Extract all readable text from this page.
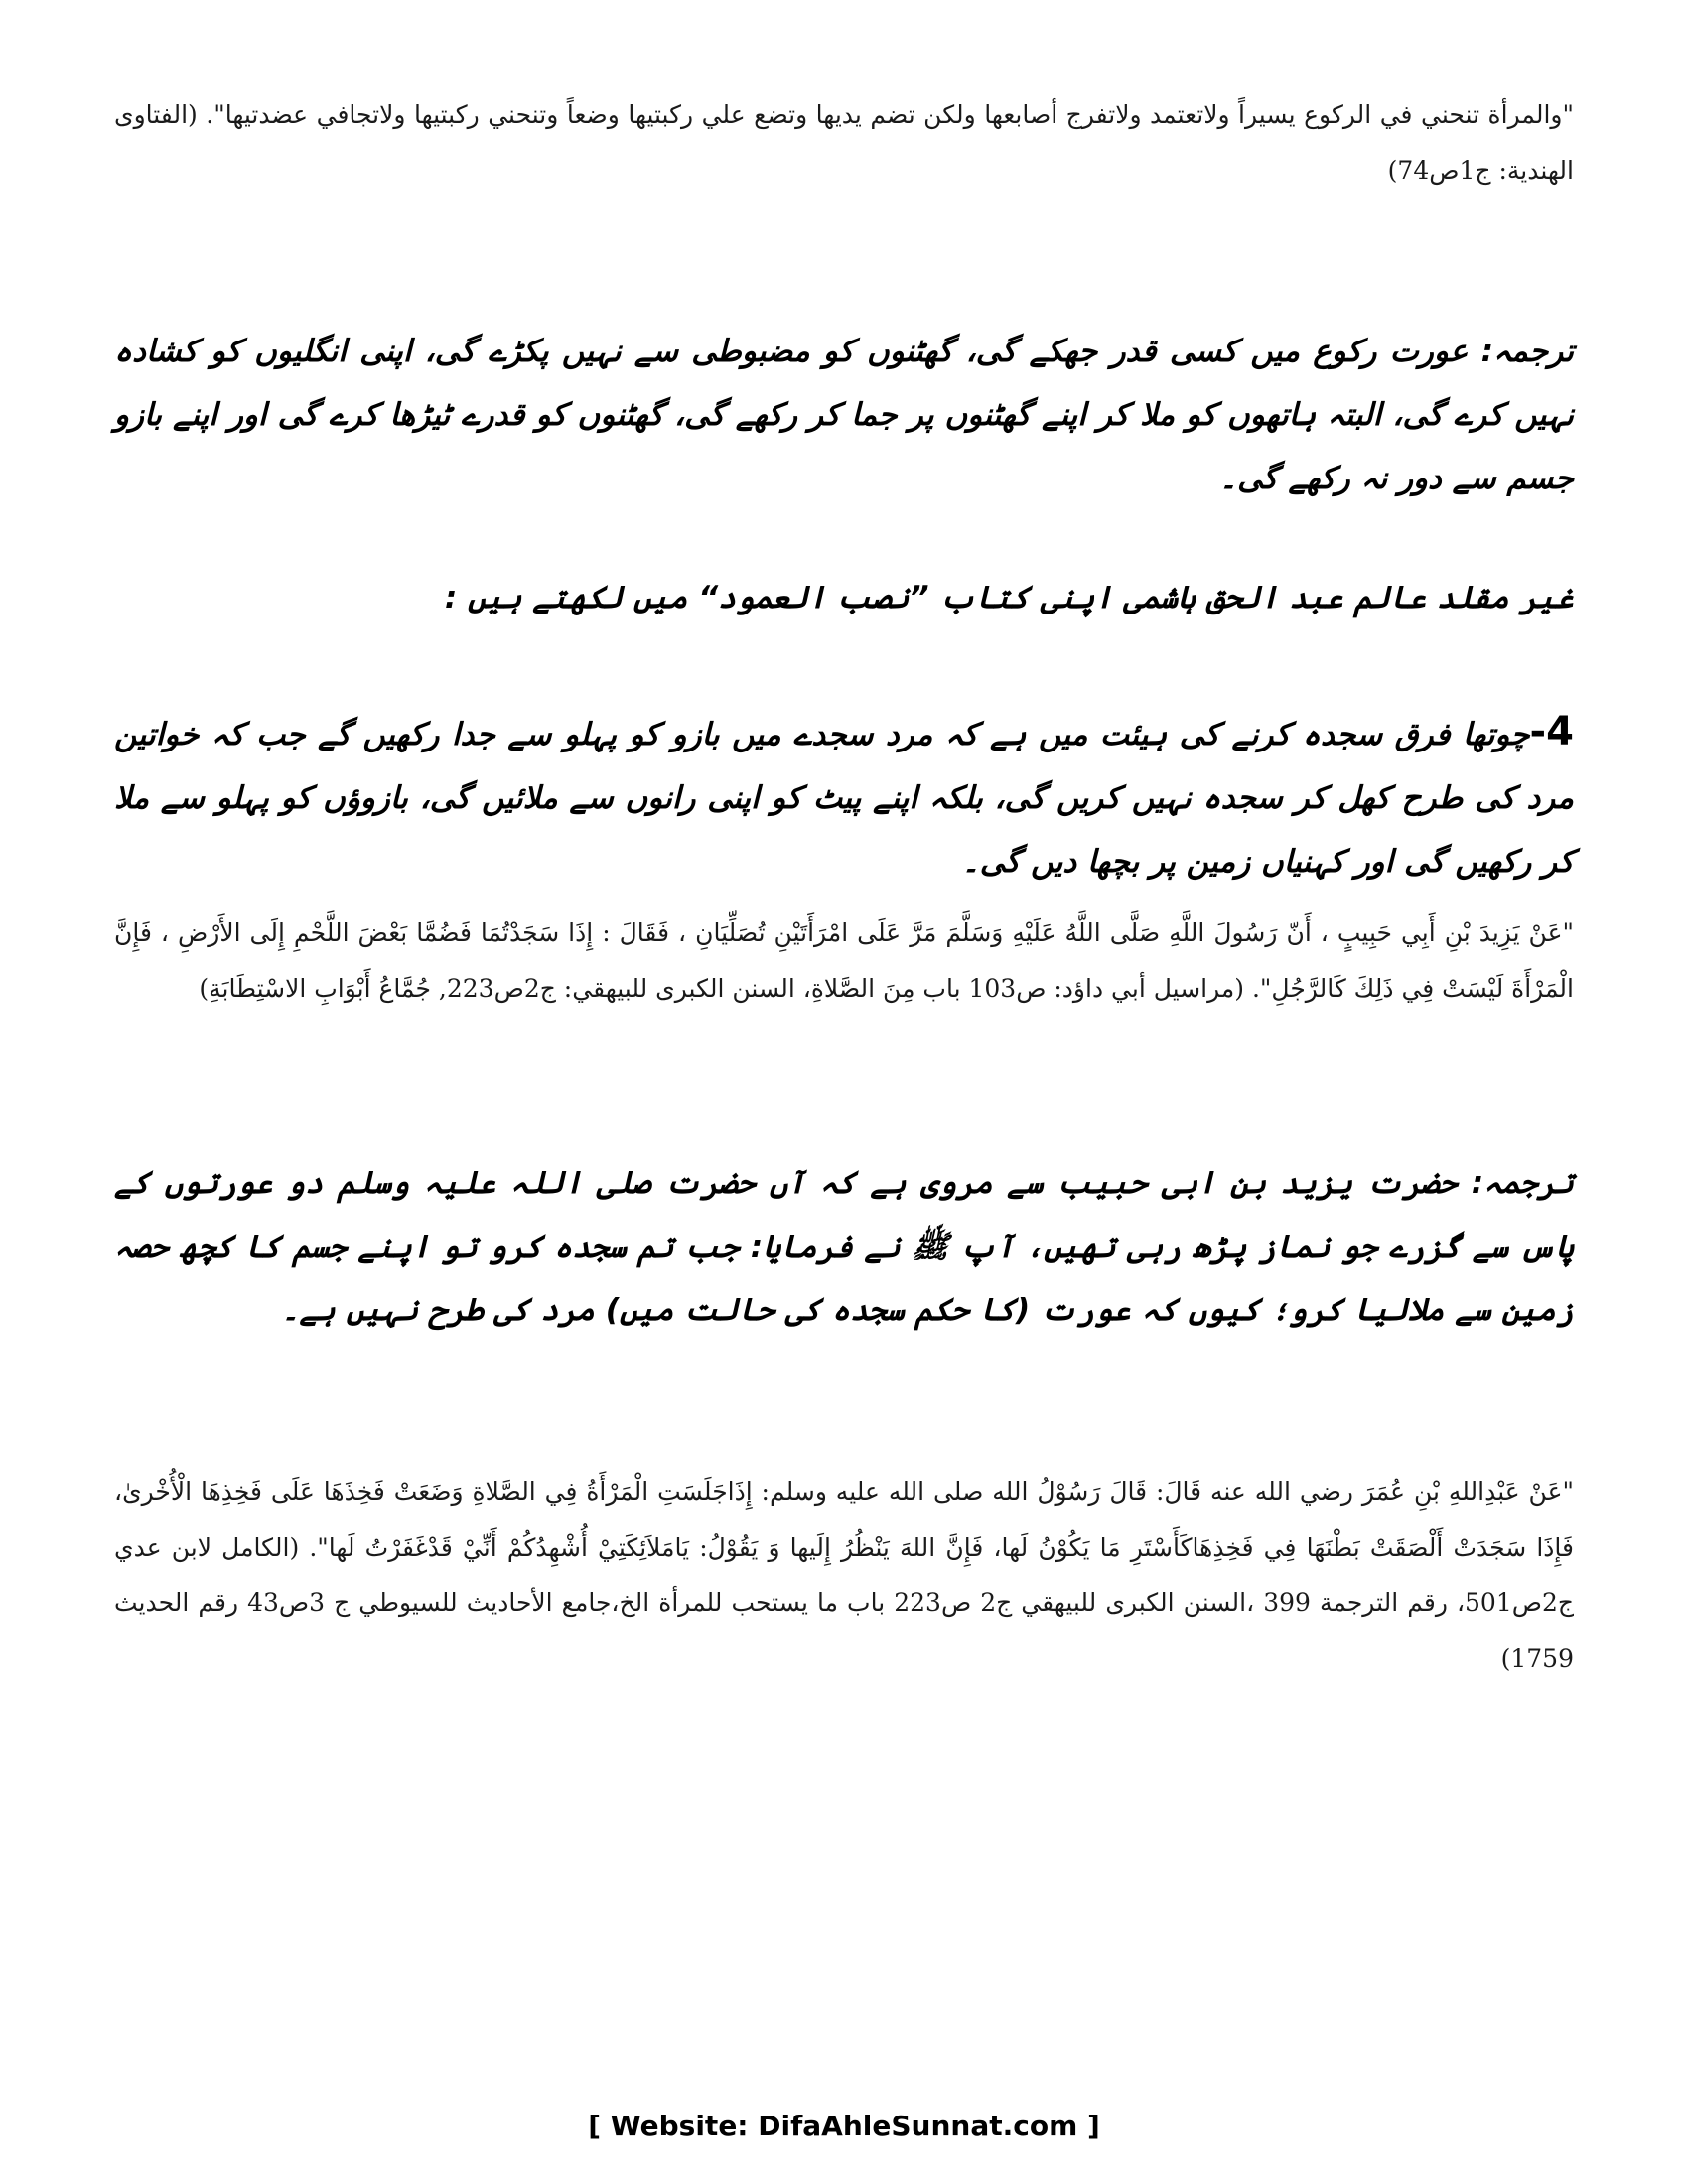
"والمرأة تنحني في الركوع يسيراً ولاتعتمد ولاتفرج أصابعها ولكن تضم يديها وتضع علي ركبتيها وضعاً وتنحني ركبتيها ولاتجافي عضدتيها". (الفتاوی الهندية: ج1ص74)

ترجمہ: عورت رکوع میں کسی قدر جھکے گی، گھٹنوں کو مضبوطی سے نہیں پکڑے گی، اپنی انگلیوں کو کشادہ نہیں کرے گی، البتہ ہاتھوں کو ملا کر اپنے گھٹنوں پر جما کر رکھے گی، گھٹنوں کو قدرے ٹیڑھا کرے گی اور اپنے بازو جسم سے دور نہ رکھے گی۔

غیر مقلد عالم عبد الحق ہاشمی اپنی کتاب ”نصب العمود“ میں لکھتے ہیں :

4-چوتھا فرق سجدہ کرنے کی ہیئت میں ہے کہ مرد سجدے میں بازو کو پہلو سے جدا رکھیں گے جب کہ خواتین مرد کی طرح کھل کر سجدہ نہیں کریں گی، بلکہ اپنے پیٹ کو اپنی رانوں سے ملائیں گی، بازوؤں کو پہلو سے ملا کر رکھیں گی اور کہنیاں زمین پر بچھا دیں گی۔

"عَنْ يَزِيدَ بْنِ أَبِي حَبِيبٍ ، أَنّ رَسُولَ اللَّهِ صَلَّى اللَّهُ عَلَيْهِ وَسَلَّمَ مَرَّ عَلَى امْرَأَتَيْنِ تُصَلِّيَانِ ، فَقَالَ : إِذَا سَجَدْتُمَا فَضُمَّا بَعْضَ اللَّحْمِ إِلَى الأَرْضِ ، فَإِنَّ الْمَرْأَةَ لَيْسَتْ فِي ذَلِكَ كَالرَّجُلِ". (مراسيل أبي داؤد: ص103 باب مِنَ الصَّلاةِ، السنن الكبرى للبيهقي: ج2ص223, جُمَّاعُ أَبْوَابِ الاسْتِطَابَةِ)

ترجمہ: حضرت یزید بن ابی حبیب سے مروی ہے کہ آں حضرت صلی اللہ علیہ وسلم دو عورتوں کے پاس سے گزرے جو نماز پڑھ رہی تھیں، آپ ﷺ نے فرمایا: جب تم سجدہ کرو تو اپنے جسم کا کچھ حصہ زمین سے ملالیا کرو؛ کیوں کہ عورت (کا حکم سجدہ کی حالت میں) مرد کی طرح نہیں ہے۔

"عَنْ عَبْدِاللهِ بْنِ عُمَرَ رضي الله عنه قَالَ: قَالَ رَسُوْلُ الله صلى الله عليه وسلم: إِذَاجَلَسَتِ الْمَرْأَةُ فِي الصَّلاةِ وَضَعَتْ فَخِذَهَا عَلَى فَخِذِهَا الْأُخْرىٰ، فَإِذَا سَجَدَتْ أَلْصَقَتْ بَطْنَهَا فِي فَخِذِهَاكَأَسْتَرِ مَا يَكُوْنُ لَها، فَإِنَّ اللهَ يَنْظُرُ إِلَيها وَ يَقُوْلُ: يَامَلاَئِكَتِيْ أُشْهِدُكُمْ أَنِّيْ قَدْغَفَرْتُ لَها". (الكامل لابن عدي ج2ص501، رقم الترجمة 399 ،السنن الكبرى للبيهقي ج2 ص223 باب ما يستحب للمرأة الخ،جامع الأحاديث للسيوطي ج 3ص43 رقم الحديث 1759)

[ Website: DifaAhleSunnat.com ]
